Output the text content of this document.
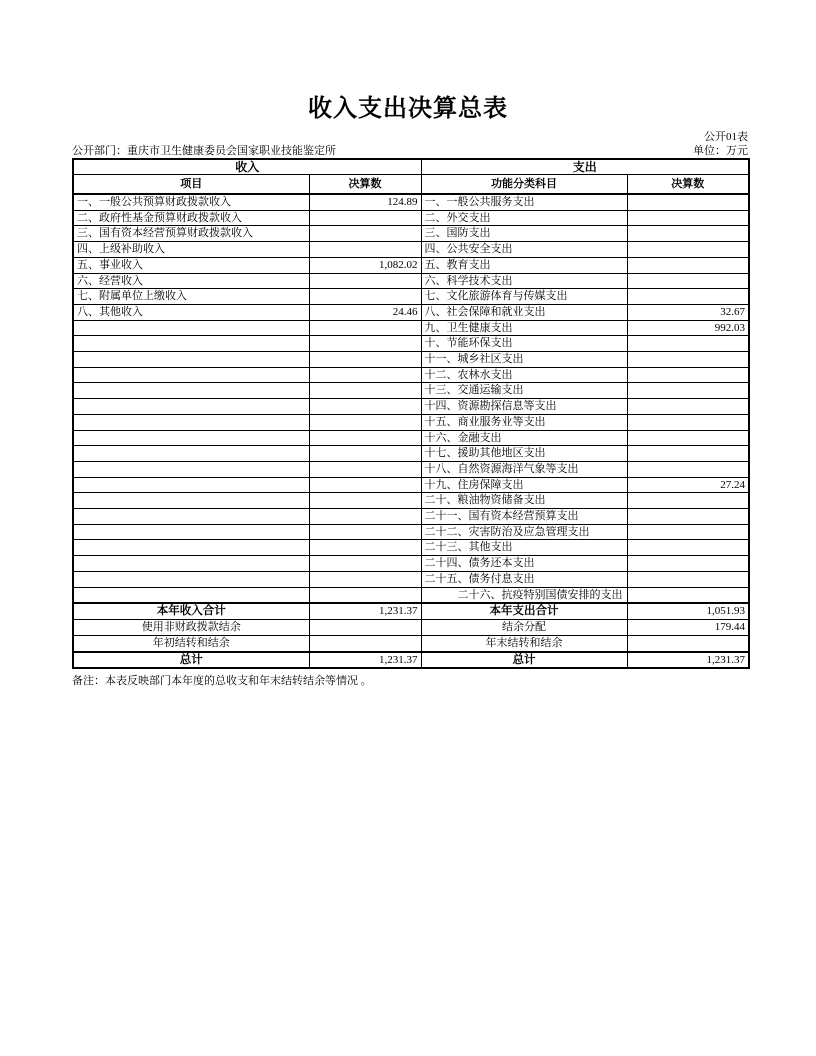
收入支出决算总表
公开01表
公开部门：重庆市卫生健康委员会国家职业技能鉴定所	单位：万元
收入		支出	
项目	决算数	功能分类科目	决算数
一、一般公共预算财政拨款收入	124.89	一、一般公共服务支出	
二、政府性基金预算财政拨款收入		二、外交支出	
三、国有资本经营预算财政拨款收入		三、国防支出	
四、上级补助收入		四、公共安全支出	
五、事业收入	1,082.02	五、教育支出	
六、经营收入		六、科学技术支出	
七、附属单位上缴收入		七、文化旅游体育与传媒支出	
八、其他收入	24.46	八、社会保障和就业支出	32.67
		九、卫生健康支出	992.03
		十、节能环保支出	
		十一、城乡社区支出	
		十二、农林水支出	
		十三、交通运输支出	
		十四、资源勘探信息等支出	
		十五、商业服务业等支出	
		十六、金融支出	
		十七、援助其他地区支出	
		十八、自然资源海洋气象等支出	
		十九、住房保障支出	27.24
		二十、粮油物资储备支出	
		二十一、国有资本经营预算支出	
		二十二、灾害防治及应急管理支出	
		二十三、其他支出	
		二十四、债务还本支出	
		二十五、债务付息支出	
		　　　二十六、抗疫特别国债安排的支出	
本年收入合计	1,231.37	本年支出合计	1,051.93
使用非财政拨款结余		结余分配	179.44
年初结转和结余		年末结转和结余	
总计	1,231.37	总计	1,231.37
备注：本表反映部门本年度的总收支和年末结转结余等情况 。
